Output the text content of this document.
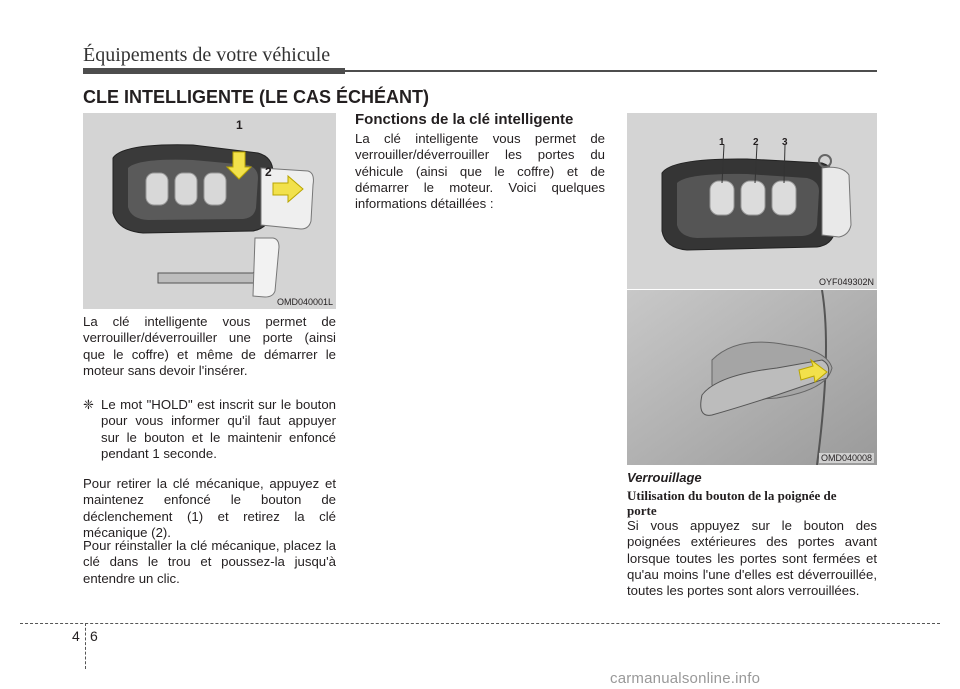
Équipements de votre véhicule
CLE INTELLIGENTE (LE CAS ÉCHÉANT)
1
2
OMD040001L
La clé intelligente vous permet de verrouiller/déverrouiller une porte (ainsi que le coffre) et même de démarrer le moteur sans devoir l'insérer.
❈ Le mot "HOLD" est inscrit sur le bouton pour vous informer qu'il faut appuyer sur le bouton et le maintenir enfoncé pendant 1 seconde.
Pour retirer la clé mécanique, appuyez et maintenez enfoncé le bouton de déclenchement (1) et retirez la clé mécanique (2).
Pour réinstaller la clé mécanique, placez la clé dans le trou et poussez-la jusqu'à entendre un clic.
Fonctions de la clé intelligente
La clé intelligente vous permet de verrouiller/déverrouiller les portes du véhicule (ainsi que le coffre) et de démarrer le moteur. Voici quelques informations détaillées :
1	2 3
OYF049302N
OMD040008
Verrouillage
Utilisation du bouton de la poignée de porte
Si vous appuyez sur le bouton des poignées extérieures des portes avant lorsque toutes les portes sont fermées et qu'au moins l'une d'elles est déverrouillée, toutes les portes sont alors verrouillées.
4 6
carmanualsonline.info
